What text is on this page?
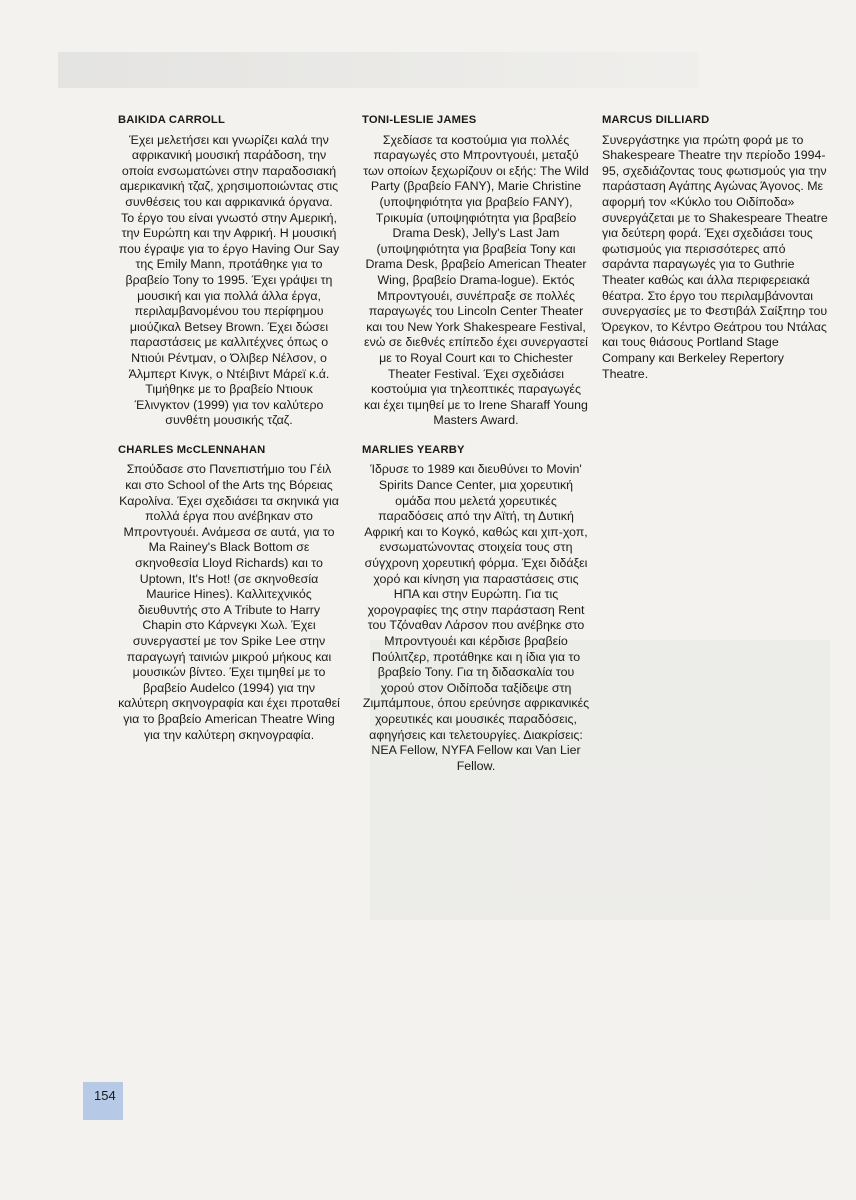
BAIKIDA CARROLL

Έχει μελετήσει και γνωρίζει καλά την αφρικανική μουσική παράδοση, την οποία ενσωματώνει στην παραδοσιακή αμερικανική τζαζ, χρησιμοποιώντας στις συνθέσεις του και αφρικανικά όργανα. Το έργο του είναι γνωστό στην Αμερική, την Ευρώπη και την Αφρική. Η μουσική που έγραψε για το έργο Having Our Say της Emily Mann, προτάθηκε για το βραβείο Tony το 1995. Έχει γράψει τη μουσική και για πολλά άλλα έργα, περιλαμβανομένου του περίφημου μιούζικαλ Betsey Brown. Έχει δώσει παραστάσεις με καλλιτέχνες όπως ο Ντιούι Ρέντμαν, ο Όλιβερ Νέλσον, ο Άλμπερτ Κινγκ, ο Ντέιβιντ Μάρεϊ κ.ά. Τιμήθηκε με το βραβείο Ντιουκ Έλινγκτον (1999) για τον καλύτερο συνθέτη μουσικής τζαζ.

CHARLES McCLENNAHAN

Σπούδασε στο Πανεπιστήμιο του Γέιλ και στο School of the Arts της Βόρειας Καρολίνα. Έχει σχεδιάσει τα σκηνικά για πολλά έργα που ανέβηκαν στο Μπροντγουέι. Ανάμεσα σε αυτά, για το Ma Rainey's Black Bottom σε σκηνοθεσία Lloyd Richards) και το Uptown, It's Hot! (σε σκηνοθεσία Maurice Hines). Καλλιτεχνικός διευθυντής στο A Tribute to Harry Chapin στο Κάρνεγκι Χωλ. Έχει συνεργαστεί με τον Spike Lee στην παραγωγή ταινιών μικρού μήκους και μουσικών βίντεο. Έχει τιμηθεί με το βραβείο Audelco (1994) για την καλύτερη σκηνογραφία και έχει προταθεί για το βραβείο American Theatre Wing για την καλύτερη σκηνογραφία.

TONI-LESLIE JAMES

Σχεδίασε τα κοστούμια για πολλές παραγωγές στο Μπροντγουέι, μεταξύ των οποίων ξεχωρίζουν οι εξής: The Wild Party (βραβείο FANY), Marie Christine (υποψηφιότητα για βραβείο FANY), Τρικυμία (υποψηφιότητα για βραβείο Drama Desk), Jelly's Last Jam (υποψηφιότητα για βραβεία Tony και Drama Desk, βραβείο American Theater Wing, βραβείο Drama-logue). Εκτός Μπροντγουέι, συνέπραξε σε πολλές παραγωγές του Lincoln Center Theater και του New York Shakespeare Festival, ενώ σε διεθνές επίπεδο έχει συνεργαστεί με το Royal Court και το Chichester Theater Festival. Έχει σχεδιάσει κοστούμια για τηλεοπτικές παραγωγές και έχει τιμηθεί με το Irene Sharaff Young Masters Award.

MARLIES YEARBY

Ίδρυσε το 1989 και διευθύνει το Movin' Spirits Dance Center, μια χορευτική ομάδα που μελετά χορευτικές παραδόσεις από την Αϊτή, τη Δυτική Αφρική και το Κογκό, καθώς και χιπ-χοπ, ενσωματώνοντας στοιχεία τους στη σύγχρονη χορευτική φόρμα. Έχει διδάξει χορό και κίνηση για παραστάσεις στις ΗΠΑ και στην Ευρώπη. Για τις χορογραφίες της στην παράσταση Rent του Τζόναθαν Λάρσον που ανέβηκε στο Μπροντγουέι και κέρδισε βραβείο Πούλιτζερ, προτάθηκε και η ίδια για το βραβείο Tony. Για τη διδασκαλία του χορού στον Οιδίποδα ταξίδεψε στη Ζιμπάμπουε, όπου ερεύνησε αφρικανικές χορευτικές και μουσικές παραδόσεις, αφηγήσεις και τελετουργίες. Διακρίσεις: NEA Fellow, NYFA Fellow και Van Lier Fellow.

MARCUS DILLIARD

Συνεργάστηκε για πρώτη φορά με το Shakespeare Theatre την περίοδο 1994-95, σχεδιάζοντας τους φωτισμούς για την παράσταση Αγάπης Αγώνας Άγονος. Με αφορμή τον «Κύκλο του Οιδίποδα» συνεργάζεται με το Shakespeare Theatre για δεύτερη φορά. Έχει σχεδιάσει τους φωτισμούς για περισσότερες από σαράντα παραγωγές για το Guthrie Theater καθώς και άλλα περιφερειακά θέατρα. Στο έργο του περιλαμβάνονται συνεργασίες με το Φεστιβάλ Σαίξπηρ του Όρεγκον, το Κέντρο Θεάτρου του Ντάλας και τους θιάσους Portland Stage Company και Berkeley Repertory Theatre.

154
